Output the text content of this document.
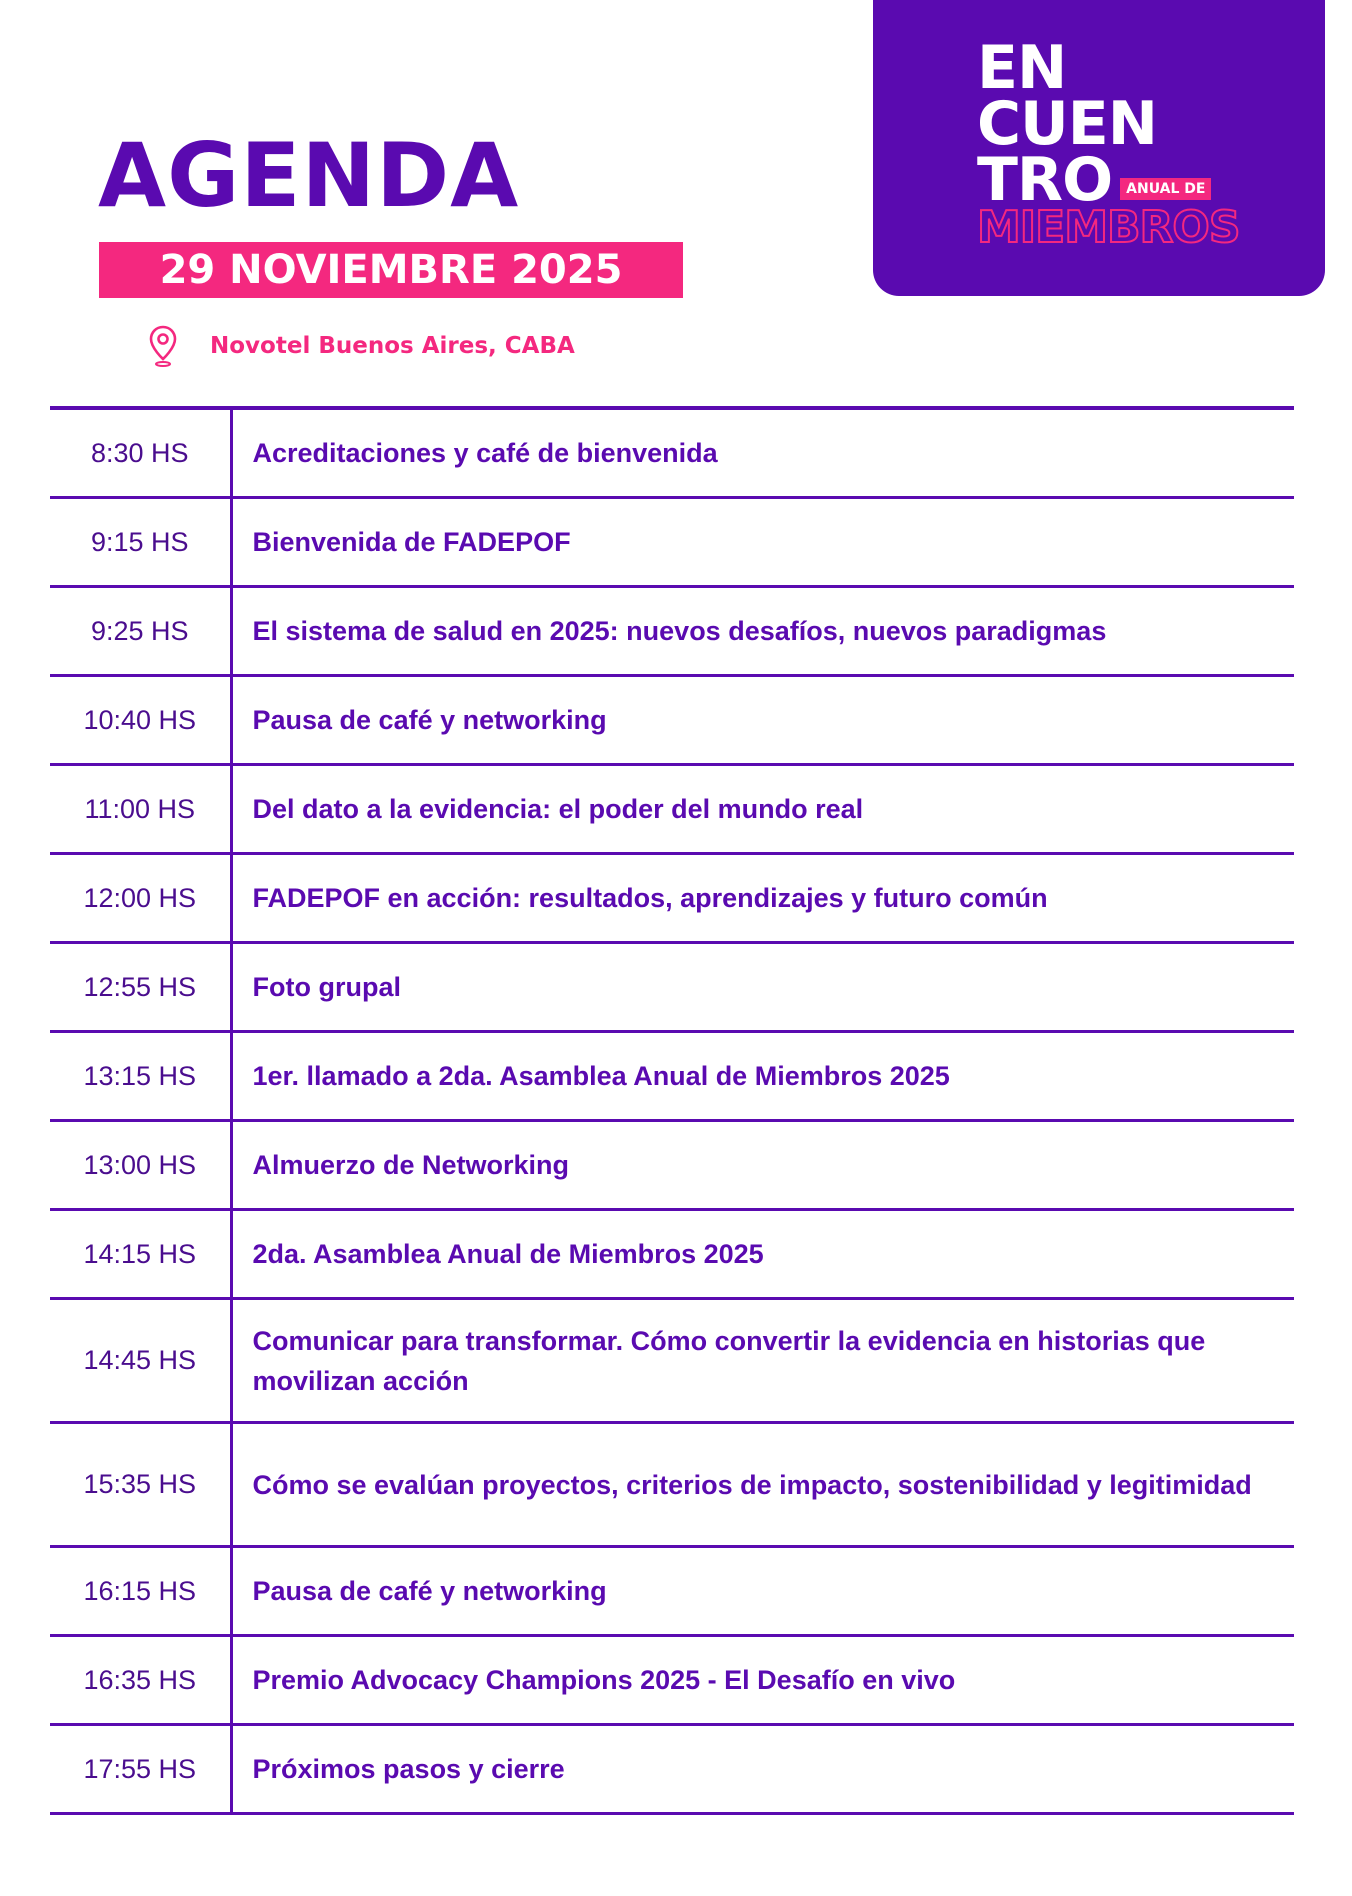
AGENDA
29 NOVIEMBRE 2025
Novotel Buenos Aires, CABA
EN
CUEN
TRO	ANUAL DE
MIEMBROS
8:30 HS	Acreditaciones y café de bienvenida
9:15 HS	Bienvenida de FADEPOF
9:25 HS	El sistema de salud en 2025: nuevos desafíos, nuevos paradigmas
10:40 HS	Pausa de café y networking
11:00 HS	Del dato a la evidencia: el poder del mundo real
12:00 HS	FADEPOF en acción: resultados, aprendizajes y futuro común
12:55 HS	Foto grupal
13:15 HS	1er. llamado a 2da. Asamblea Anual de Miembros 2025
13:00 HS	Almuerzo de Networking
14:15 HS	2da. Asamblea Anual de Miembros 2025
14:45 HS	Comunicar para transformar. Cómo convertir la evidencia en historias que movilizan acción
15:35 HS	Cómo se evalúan proyectos, criterios de impacto, sostenibilidad y legitimidad
16:15 HS	Pausa de café y networking
16:35 HS	Premio Advocacy Champions 2025 - El Desafío en vivo
17:55 HS	Próximos pasos y cierre
